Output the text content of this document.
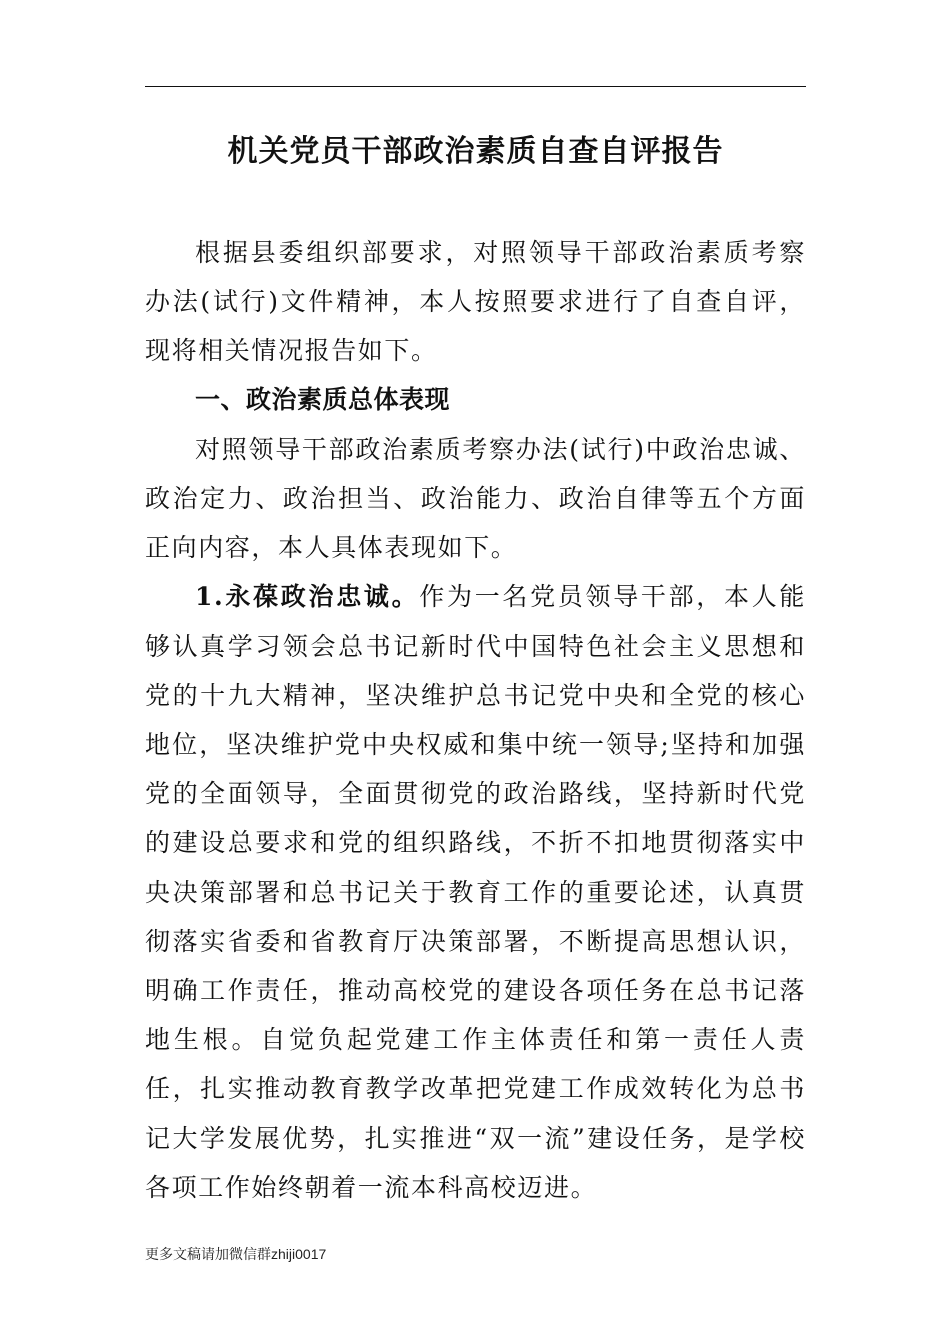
机关党员干部政治素质自查自评报告

根据县委组织部要求，对照领导干部政治素质考察办法(试行)文件精神，本人按照要求进行了自查自评，现将相关情况报告如下。

一、政治素质总体表现

对照领导干部政治素质考察办法(试行)中政治忠诚、政治定力、政治担当、政治能力、政治自律等五个方面正向内容，本人具体表现如下。

1.永葆政治忠诚。作为一名党员领导干部，本人能够认真学习领会总书记新时代中国特色社会主义思想和党的十九大精神，坚决维护总书记党中央和全党的核心地位，坚决维护党中央权威和集中统一领导;坚持和加强党的全面领导，全面贯彻党的政治路线，坚持新时代党的建设总要求和党的组织路线，不折不扣地贯彻落实中央决策部署和总书记关于教育工作的重要论述，认真贯彻落实省委和省教育厅决策部署，不断提高思想认识，明确工作责任，推动高校党的建设各项任务在总书记落地生根。自觉负起党建工作主体责任和第一责任人责任，扎实推动教育教学改革把党建工作成效转化为总书记大学发展优势，扎实推进“双一流”建设任务，是学校各项工作始终朝着一流本科高校迈进。

更多文稿请加微信群zhiji0017
